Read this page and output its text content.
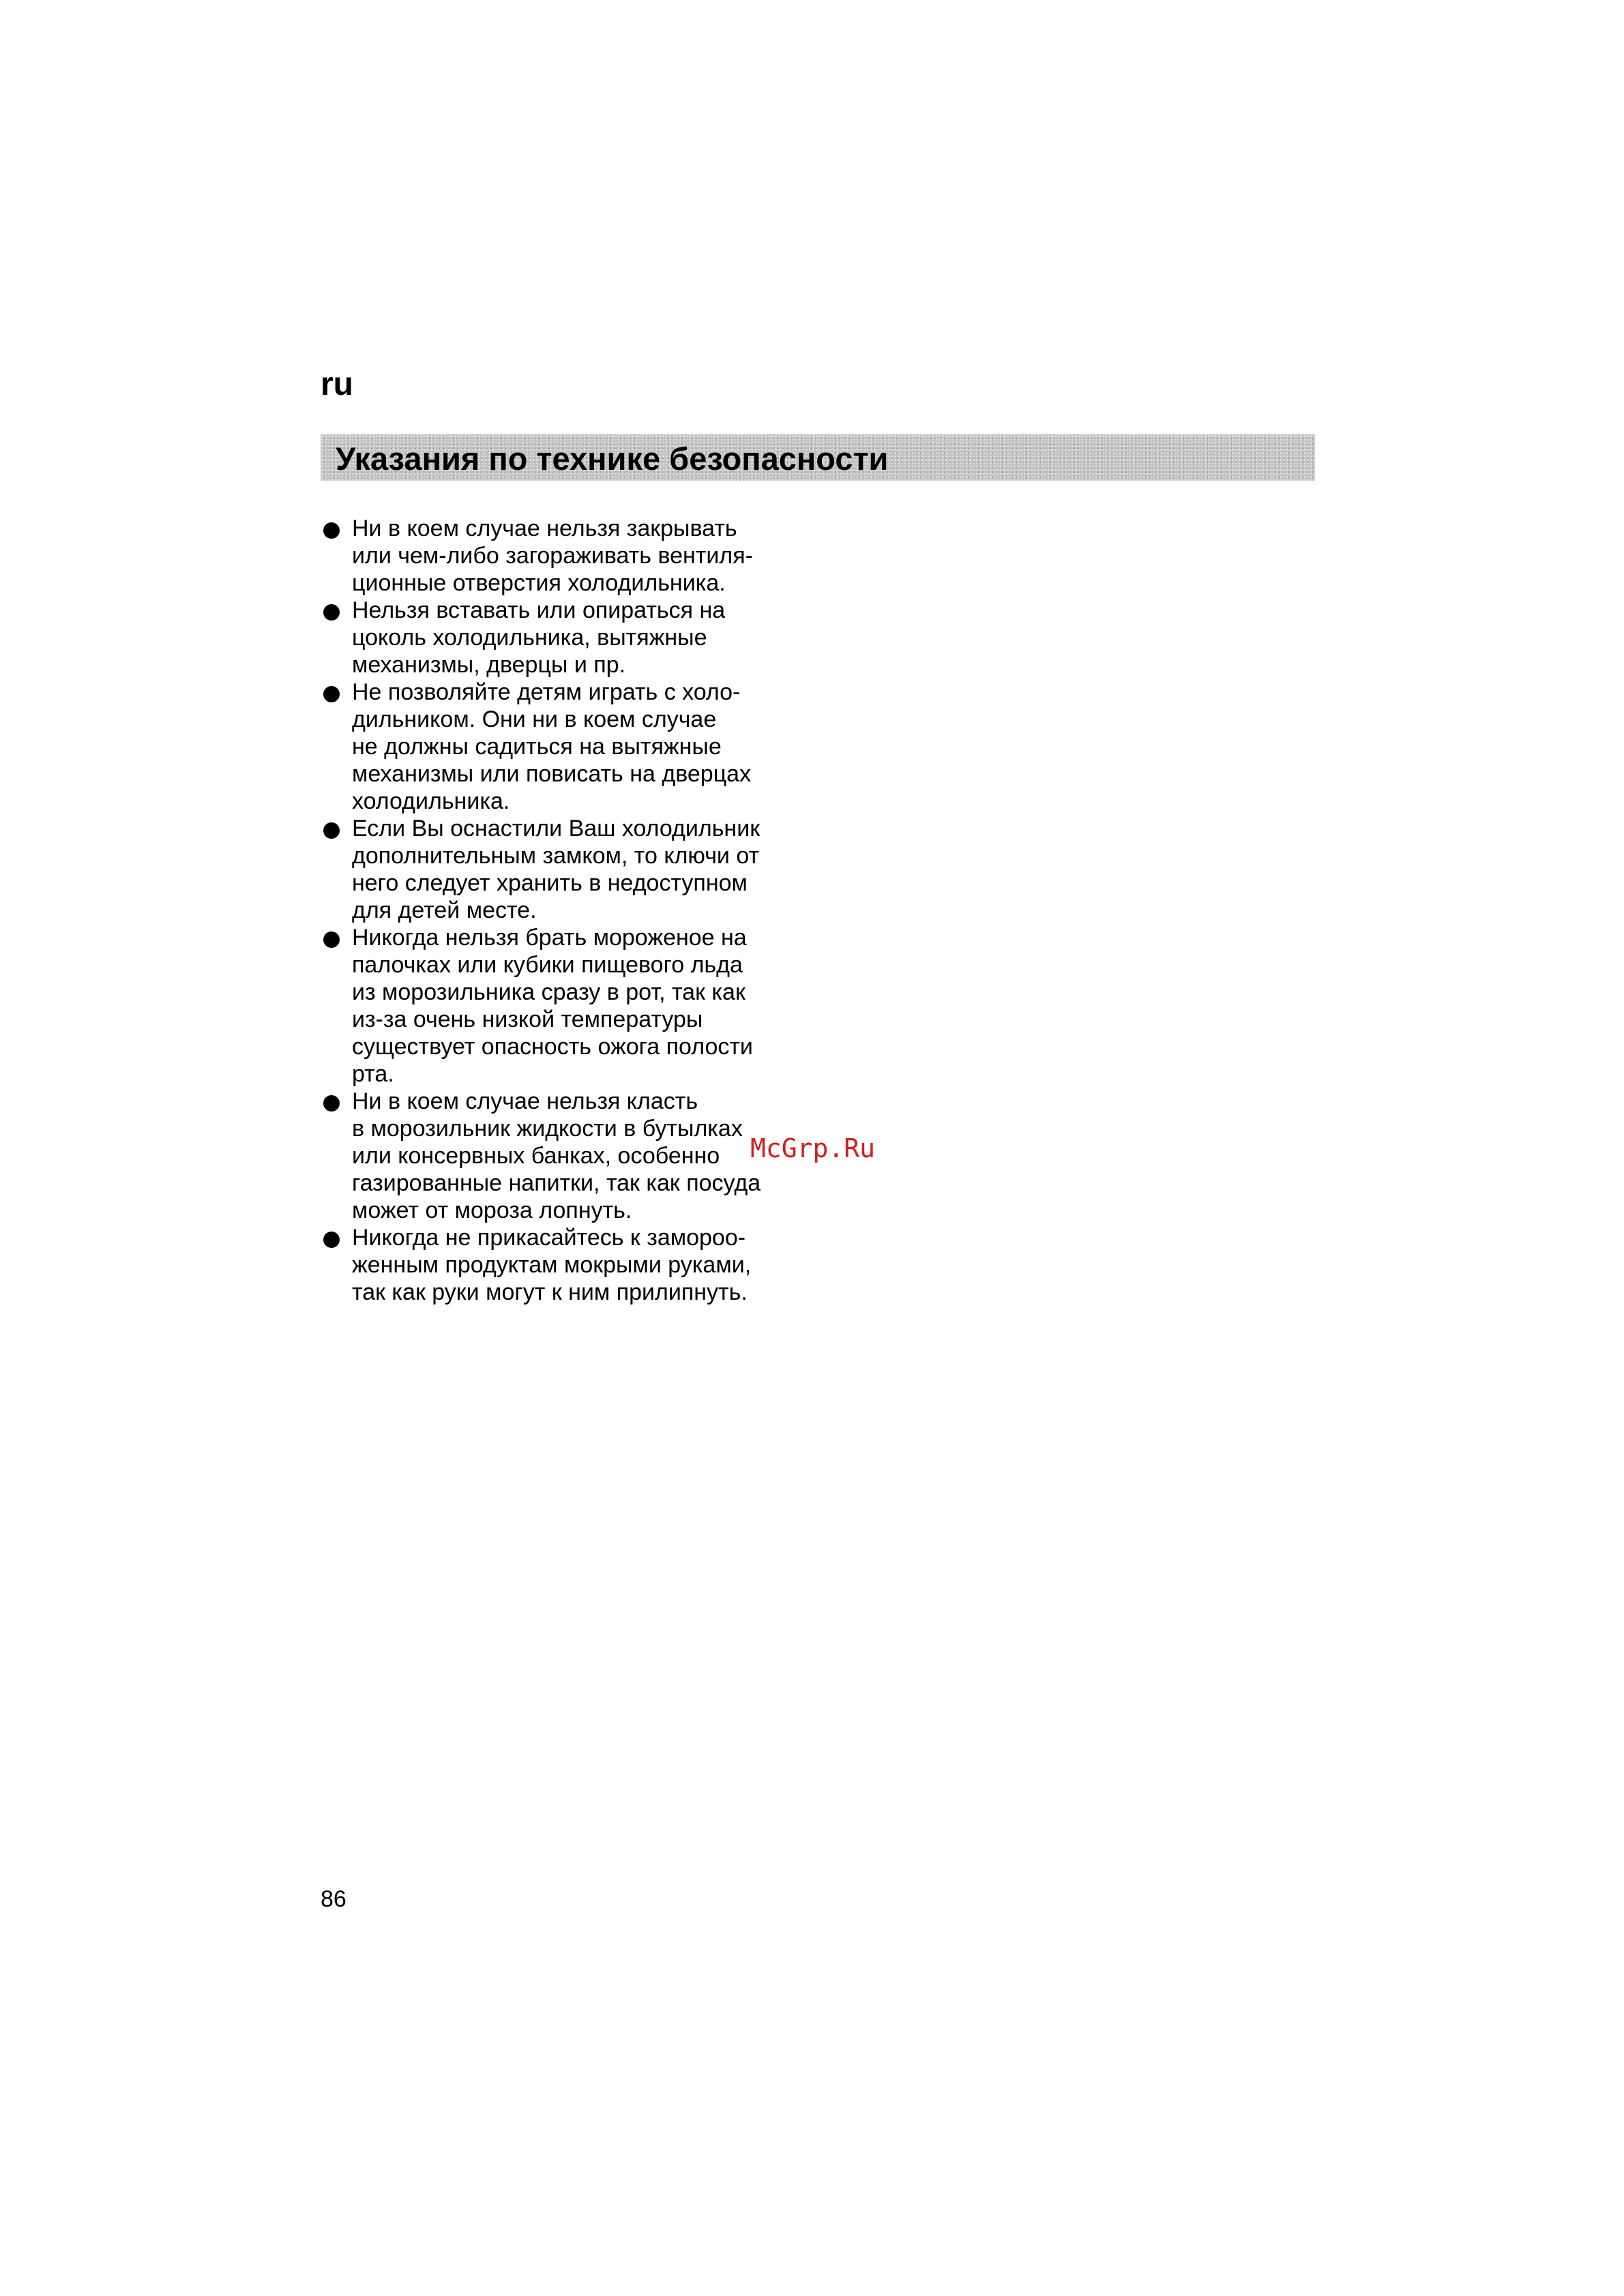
ru
Указания по технике безопасности
Ни в коем случае нельзя закрывать
или чем-либо загораживать вентиля-
ционные отверстия холодильника.
Нельзя вставать или опираться на
цоколь холодильника, вытяжные
механизмы, дверцы и пр.
Не позволяйте детям играть с холо-
дильником. Они ни в коем случае
не должны садиться на вытяжные
механизмы или повисать на дверцах
холодильника.
Если Вы оснастили Ваш холодильник
дополнительным замком, то ключи от
него следует хранить в недоступном
для детей месте.
Никогда нельзя брать мороженое на
палочках или кубики пищевого льда
из морозильника сразу в рот, так как
из-за очень низкой температуры
существует опасность ожога полости
рта.
Ни в коем случае нельзя класть
в морозильник жидкости в бутылках
или консервных банках, особенно
газированные напитки, так как посуда
может от мороза лопнуть.
Никогда не прикасайтесь к замороо-
женным продуктам мокрыми руками,
так как руки могут к ним прилипнуть.
McGrp.Ru
86
